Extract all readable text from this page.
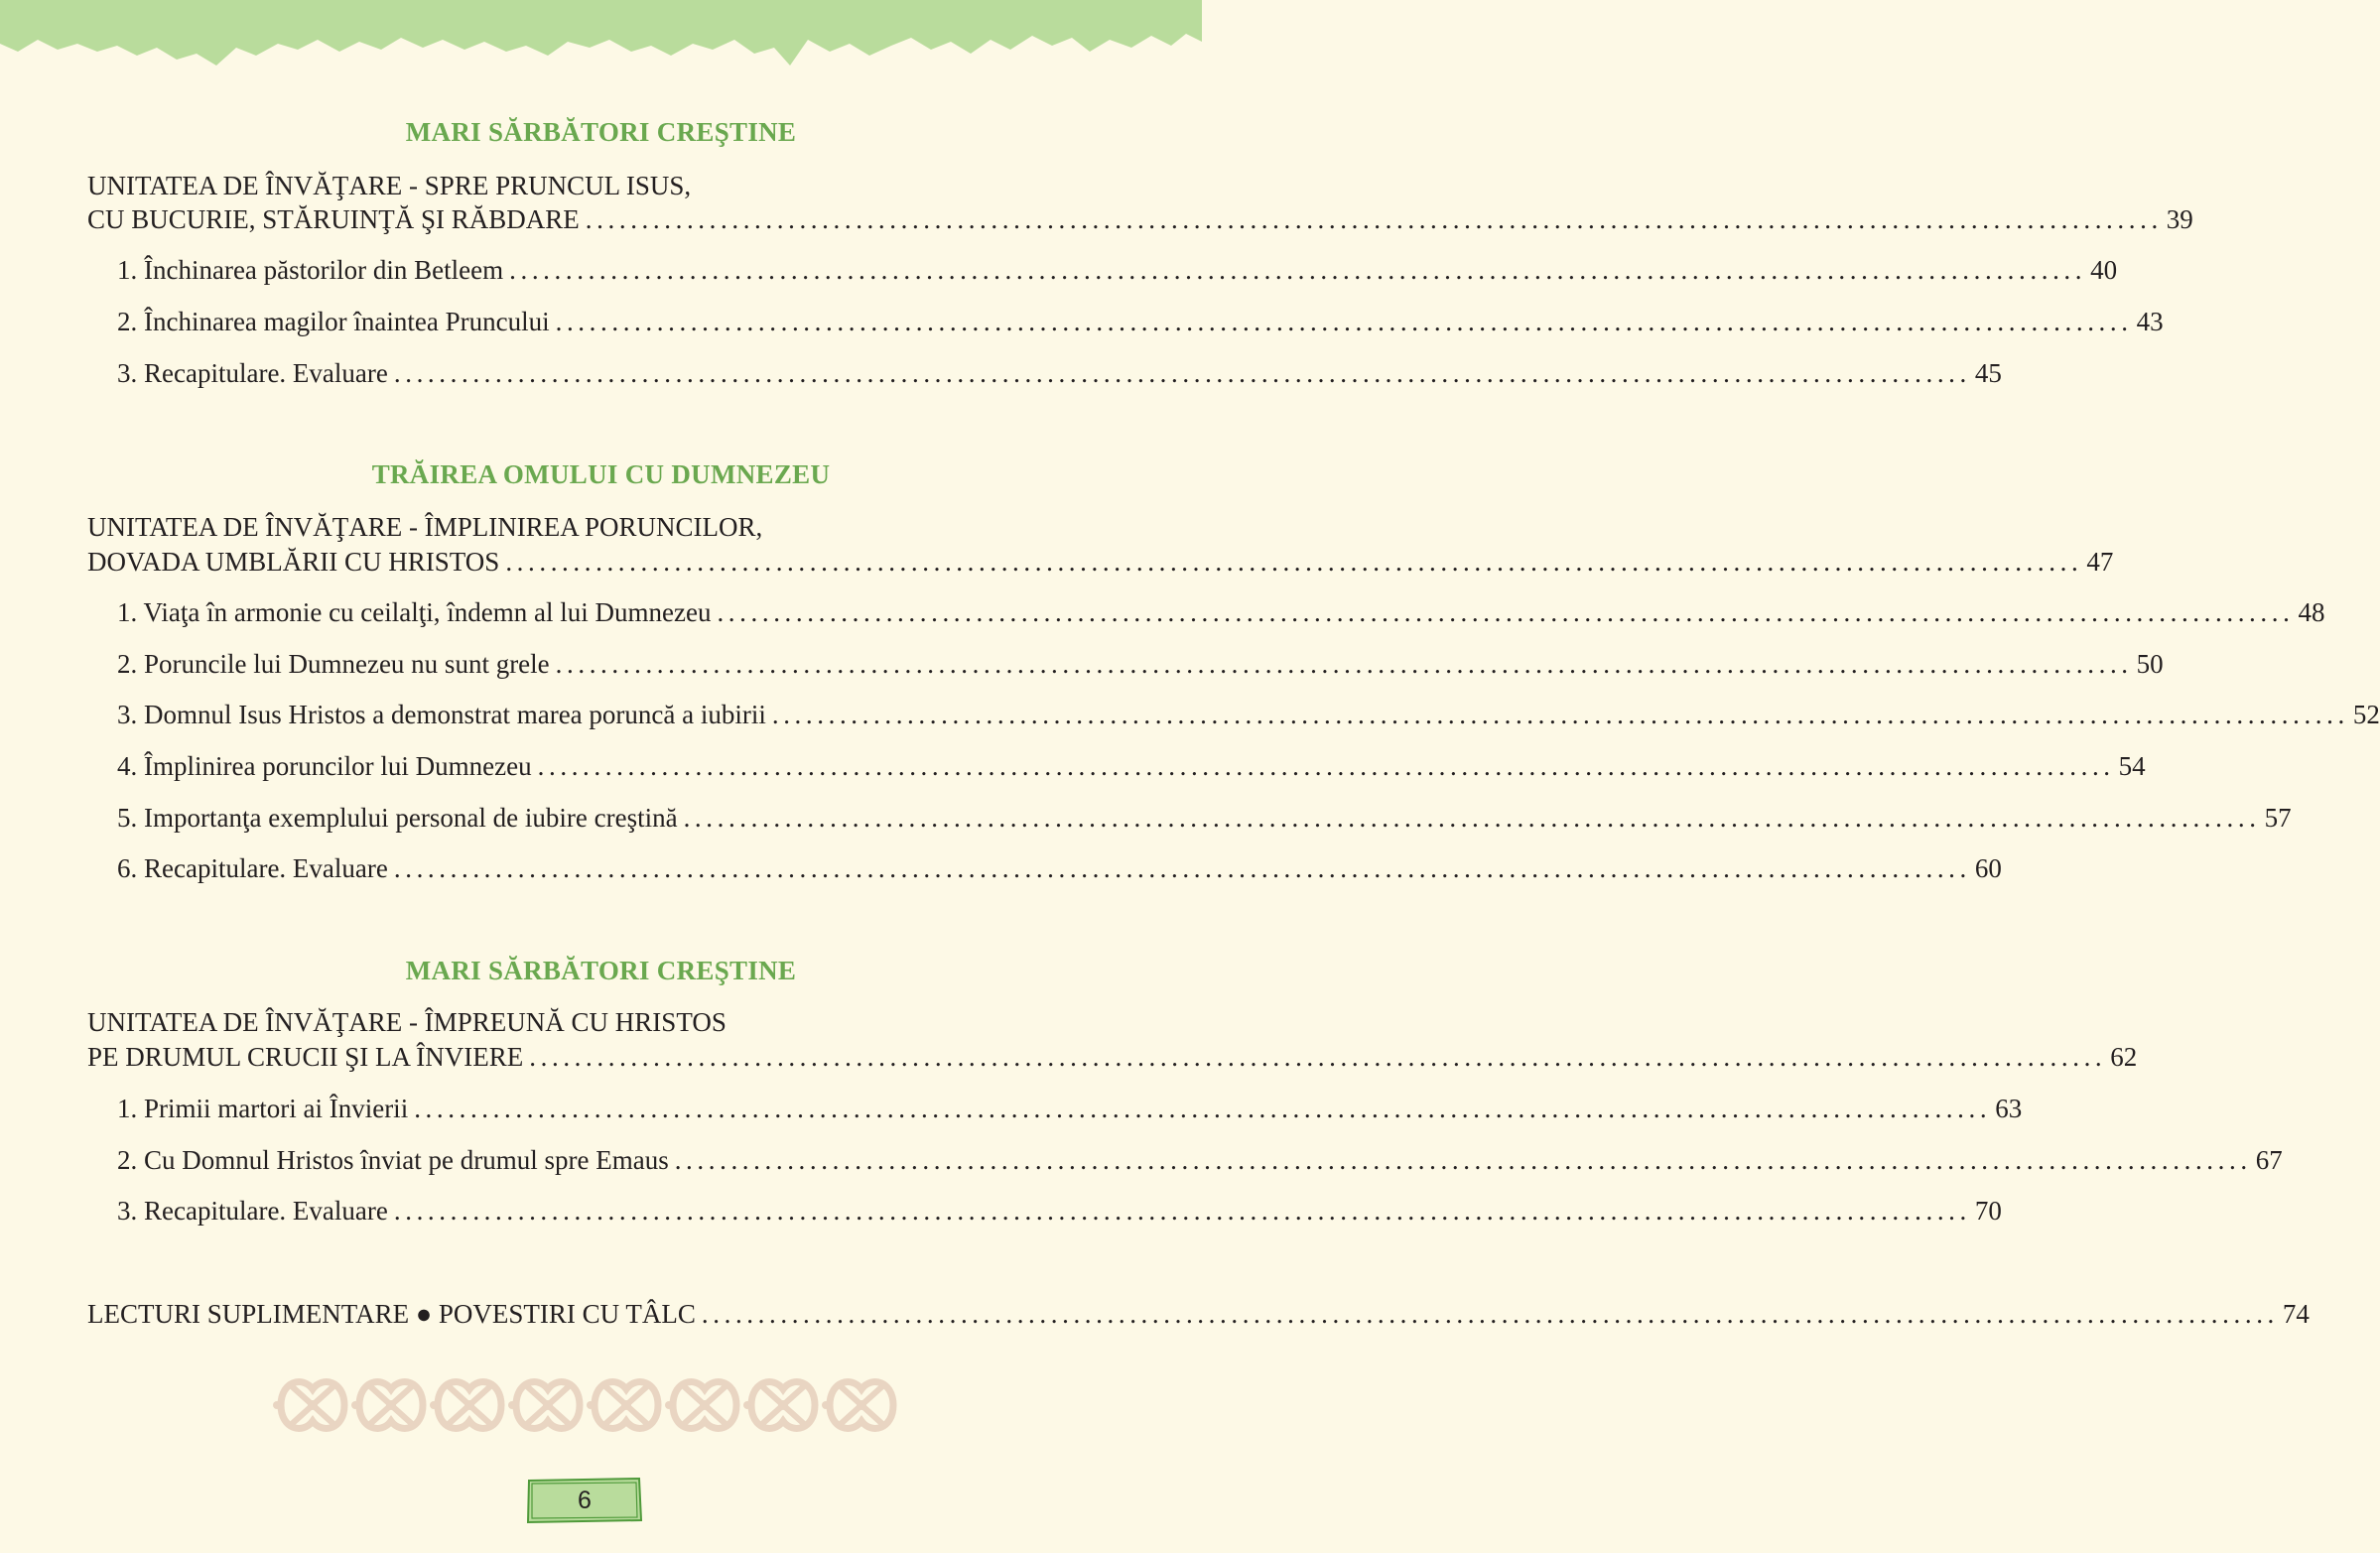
MARI SĂRBĂTORI CREŞTINE
UNITATEA DE ÎNVĂŢARE - SPRE PRUNCUL ISUS,
CU BUCURIE, STĂRUINŢĂ ŞI RĂBDARE ............................................................................................................................................ 39
1. Închinarea păstorilor din Betleem ............................................................................................................................................ 40
2. Închinarea magilor înaintea Pruncului ............................................................................................................................................ 43
3. Recapitulare. Evaluare ............................................................................................................................................ 45
TRĂIREA OMULUI CU DUMNEZEU
UNITATEA DE ÎNVĂŢARE - ÎMPLINIREA PORUNCILOR,
DOVADA UMBLĂRII CU HRISTOS ............................................................................................................................................ 47
1. Viaţa în armonie cu ceilalţi, îndemn al lui Dumnezeu ............................................................................................................................................ 48
2. Poruncile lui Dumnezeu nu sunt grele ............................................................................................................................................ 50
3. Domnul Isus Hristos a demonstrat marea poruncă a iubirii ............................................................................................................................................ 52
4. Împlinirea poruncilor lui Dumnezeu ............................................................................................................................................ 54
5. Importanţa exemplului personal de iubire creştină ............................................................................................................................................ 57
6. Recapitulare. Evaluare ............................................................................................................................................ 60
MARI SĂRBĂTORI CREŞTINE
UNITATEA DE ÎNVĂŢARE - ÎMPREUNĂ CU HRISTOS
PE DRUMUL CRUCII ŞI LA ÎNVIERE ............................................................................................................................................ 62
1. Primii martori ai Învierii ............................................................................................................................................ 63
2. Cu Domnul Hristos înviat pe drumul spre Emaus ............................................................................................................................................ 67
3. Recapitulare. Evaluare ............................................................................................................................................ 70
LECTURI SUPLIMENTARE ● POVESTIRI CU TÂLC ............................................................................................................................................ 74
6
